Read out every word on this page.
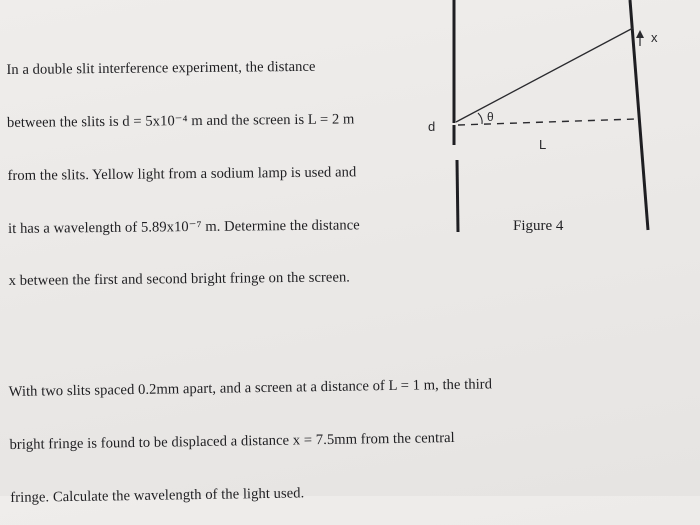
In a double slit interference experiment, the distance

between the slits is d = 5x10⁻⁴ m and the screen is L = 2 m

from the slits. Yellow light from a sodium lamp is used and

it has a wavelength of 5.89x10⁻⁷ m. Determine the distance

x between the first and second bright fringe on the screen.

d
θ
L
x
Figure 4

With two slits spaced 0.2mm apart, and a screen at a distance of L = 1 m, the third

bright fringe is found to be displaced a distance x = 7.5mm from the central

fringe. Calculate the wavelength of the light used.
